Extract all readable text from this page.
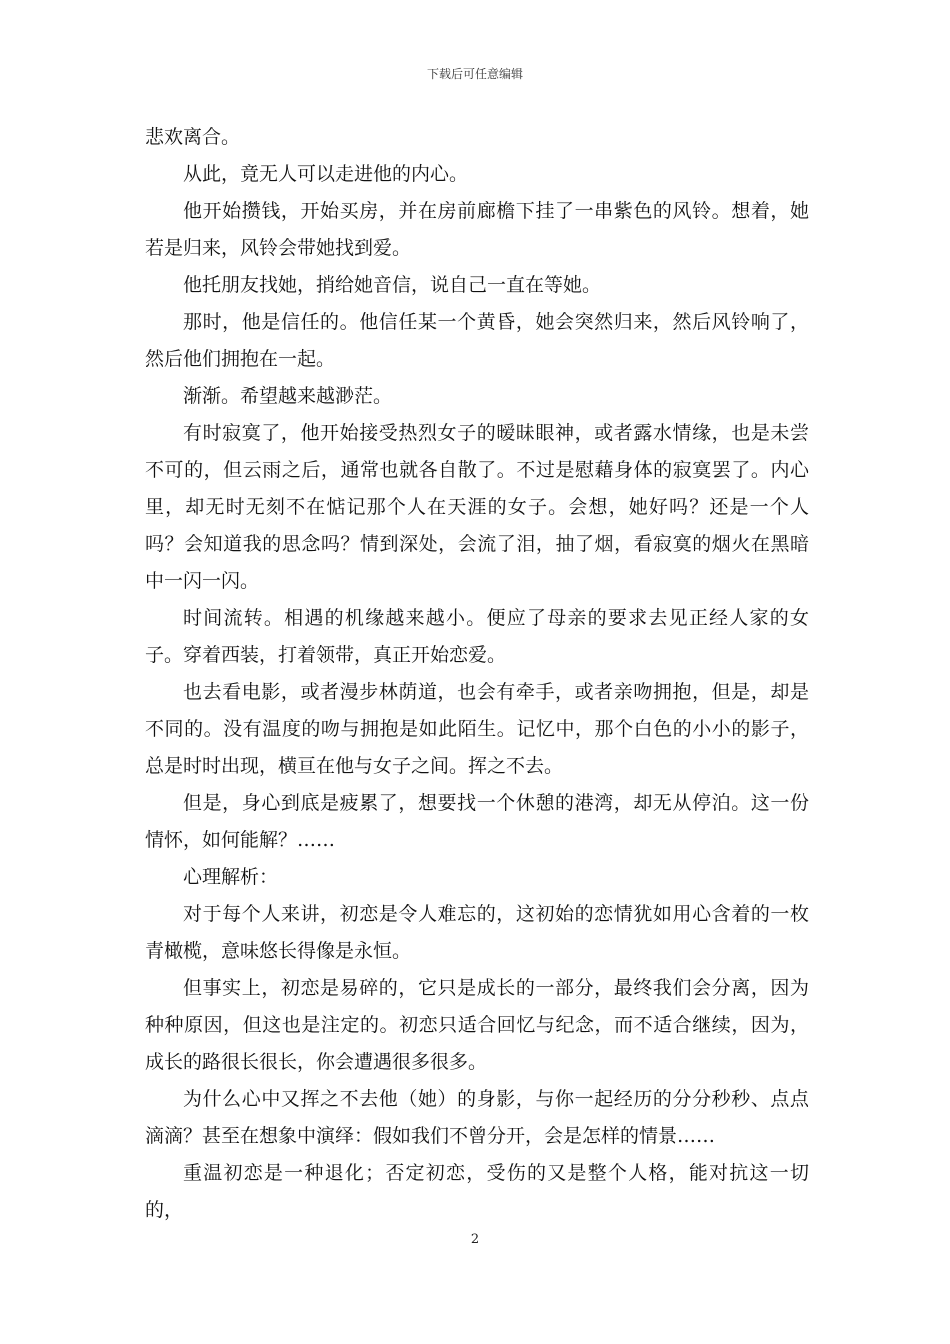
下载后可任意编辑

悲欢离合。

从此，竟无人可以走进他的内心。

他开始攒钱，开始买房，并在房前廊檐下挂了一串紫色的风铃。想着，她若是归来，风铃会带她找到爱。

他托朋友找她，捎给她音信，说自己一直在等她。

那时，他是信任的。他信任某一个黄昏，她会突然归来，然后风铃响了，然后他们拥抱在一起。

渐渐。希望越来越渺茫。

有时寂寞了，他开始接受热烈女子的暧昧眼神，或者露水情缘，也是未尝不可的，但云雨之后，通常也就各自散了。不过是慰藉身体的寂寞罢了。内心里，却无时无刻不在惦记那个人在天涯的女子。会想，她好吗？还是一个人吗？会知道我的思念吗？情到深处，会流了泪，抽了烟，看寂寞的烟火在黑暗中一闪一闪。

时间流转。相遇的机缘越来越小。便应了母亲的要求去见正经人家的女子。穿着西装，打着领带，真正开始恋爱。

也去看电影，或者漫步林荫道，也会有牵手，或者亲吻拥抱，但是，却是不同的。没有温度的吻与拥抱是如此陌生。记忆中，那个白色的小小的影子，总是时时出现，横亘在他与女子之间。挥之不去。

但是，身心到底是疲累了，想要找一个休憩的港湾，却无从停泊。这一份情怀，如何能解？……

心理解析：

对于每个人来讲，初恋是令人难忘的，这初始的恋情犹如用心含着的一枚青橄榄，意味悠长得像是永恒。

但事实上，初恋是易碎的，它只是成长的一部分，最终我们会分离，因为种种原因，但这也是注定的。初恋只适合回忆与纪念，而不适合继续，因为，成长的路很长很长，你会遭遇很多很多。

为什么心中又挥之不去他（她）的身影，与你一起经历的分分秒秒、点点滴滴？甚至在想象中演绎：假如我们不曾分开，会是怎样的情景……

重温初恋是一种退化；否定初恋，受伤的又是整个人格，能对抗这一切的，

2
